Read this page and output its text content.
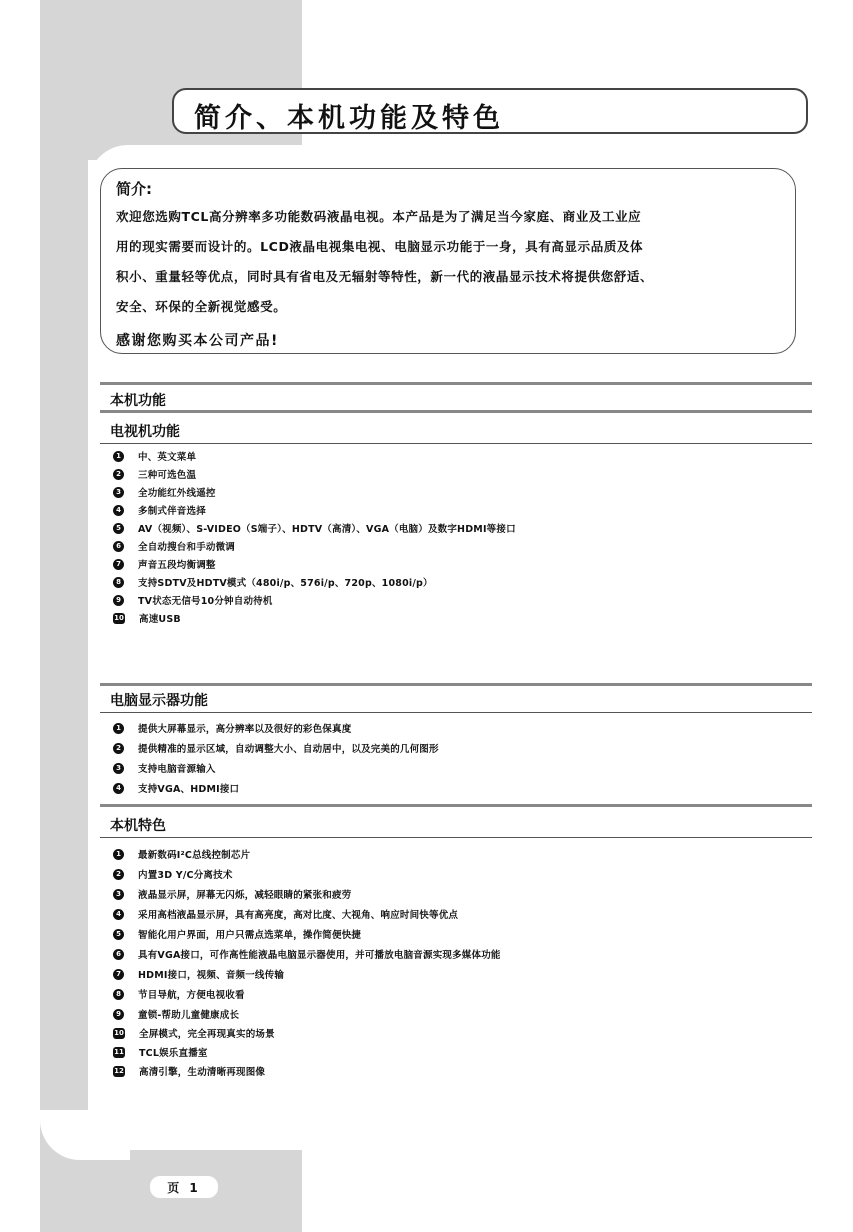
简介、本机功能及特色
简介:
欢迎您选购TCL高分辨率多功能数码液晶电视。本产品是为了满足当今家庭、商业及工业应
用的现实需要而设计的。LCD液晶电视集电视、电脑显示功能于一身，具有高显示品质及体
积小、重量轻等优点，同时具有省电及无辐射等特性，新一代的液晶显示技术将提供您舒适、
安全、环保的全新视觉感受。
感谢您购买本公司产品!
本机功能
电视机功能
1	中、英文菜单
2	三种可选色温
3	全功能红外线遥控
4	多制式伴音选择
5	AV（视频）、S-VIDEO（S端子）、HDTV（高清）、VGA（电脑）及数字HDMI等接口
6	全自动搜台和手动微调
7	声音五段均衡调整
8	支持SDTV及HDTV模式（480i/p、576i/p、720p、1080i/p）
9	TV状态无信号10分钟自动待机
10 高速USB
电脑显示器功能
1	提供大屏幕显示，高分辨率以及很好的彩色保真度
2	提供精准的显示区域，自动调整大小、自动居中，以及完美的几何图形
3	支持电脑音源输入
4	支持VGA、HDMI接口
本机特色
1	最新数码I²C总线控制芯片
2	内置3D Y/C分离技术
3	液晶显示屏，屏幕无闪烁，减轻眼睛的紧张和疲劳
4	采用高档液晶显示屏，具有高亮度，高对比度、大视角、响应时间快等优点
5	智能化用户界面，用户只需点选菜单，操作简便快捷
6	具有VGA接口，可作高性能液晶电脑显示器使用，并可播放电脑音源实现多媒体功能
7	HDMI接口，视频、音频一线传输
8	节目导航，方便电视收看
9	童锁-帮助儿童健康成长
10 全屏模式，完全再现真实的场景
11 TCL娱乐直播室
12 高清引擎，生动清晰再现图像
页 1
